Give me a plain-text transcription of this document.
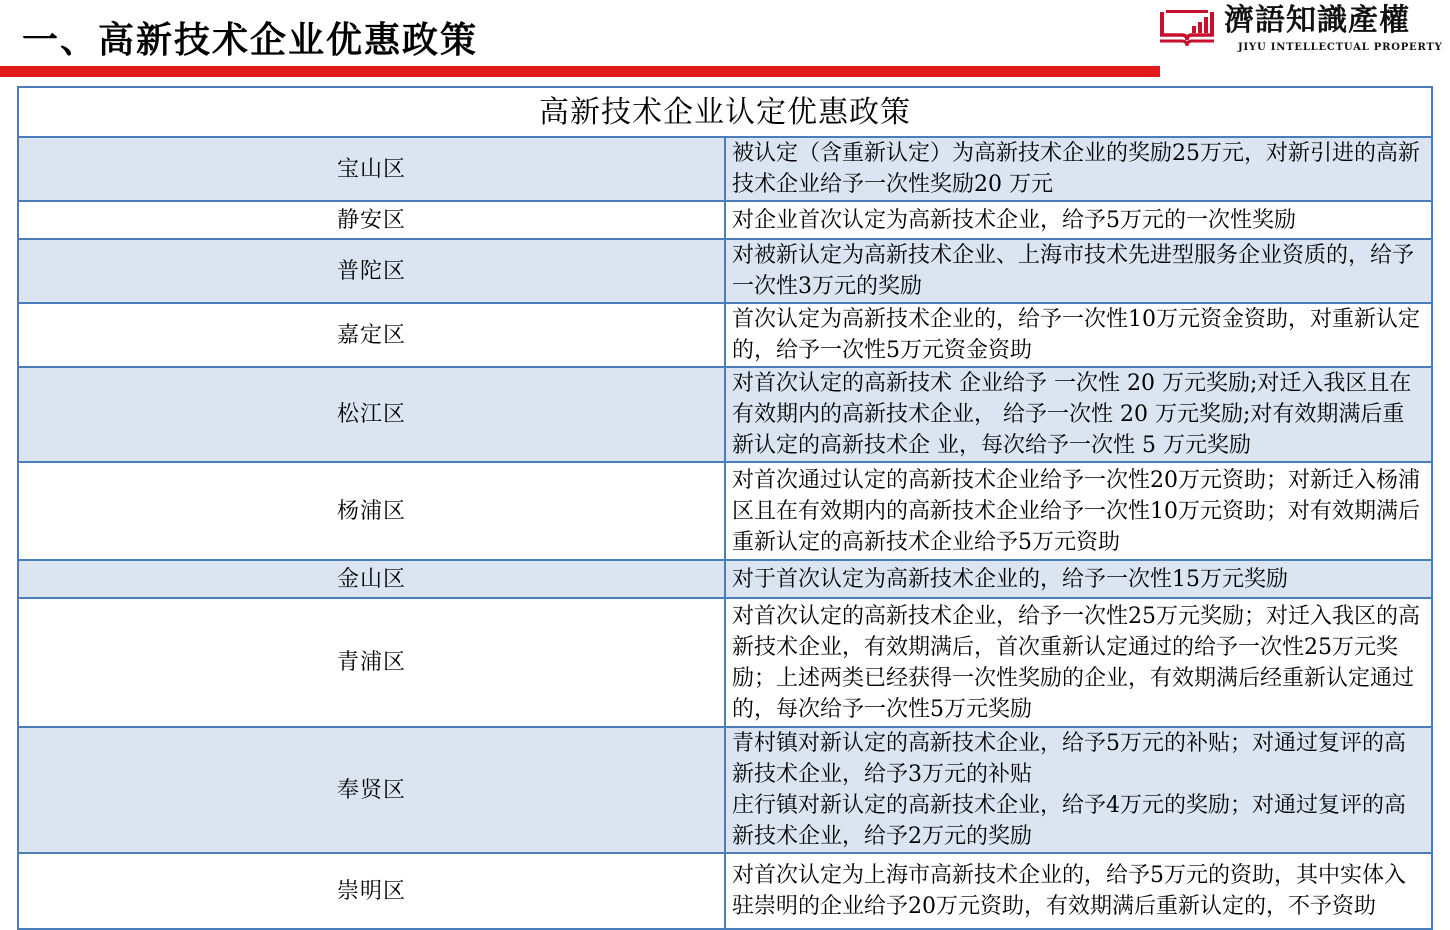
一、高新技术企业优惠政策	濟語知識產權
JIYU INTELLECTUAL PROPERTY
高新技术企业认定优惠政策	
宝山区	被认定（含重新认定）为高新技术企业的奖励25万元，对新引进的高新技术企业给予一次性奖励20 万元

静安区	对企业首次认定为高新技术企业，给予5万元的一次性奖励

普陀区	对被新认定为高新技术企业、上海市技术先进型服务企业资质的，给予一次性3万元的奖励

嘉定区	首次认定为高新技术企业的，给予一次性10万元资金资助，对重新认定的，给予一次性5万元资金资助

松江区	对首次认定的高新技术 企业给予 一次性 20 万元奖励;对迁入我区且在有效期内的高新技术企业， 给予一次性 20 万元奖励;对有效期满后重新认定的高新技术企 业，每次给予一次性 5 万元奖励

杨浦区	对首次通过认定的高新技术企业给予一次性20万元资助；对新迁入杨浦区且在有效期内的高新技术企业给予一次性10万元资助；对有效期满后重新认定的高新技术企业给予5万元资助

金山区	对于首次认定为高新技术企业的，给予一次性15万元奖励

青浦区	对首次认定的高新技术企业，给予一次性25万元奖励；对迁入我区的高新技术企业，有效期满后，首次重新认定通过的给予一次性25万元奖励；上述两类已经获得一次性奖励的企业，有效期满后经重新认定通过的，每次给予一次性5万元奖励

奉贤区	青村镇对新认定的高新技术企业，给予5万元的补贴；对通过复评的高新技术企业，给予3万元的补贴
庄行镇对新认定的高新技术企业，给予4万元的奖励；对通过复评的高新技术企业，给予2万元的奖励

崇明区	对首次认定为上海市高新技术企业的，给予5万元的资助，其中实体入驻崇明的企业给予20万元资助，有效期满后重新认定的，不予资助
